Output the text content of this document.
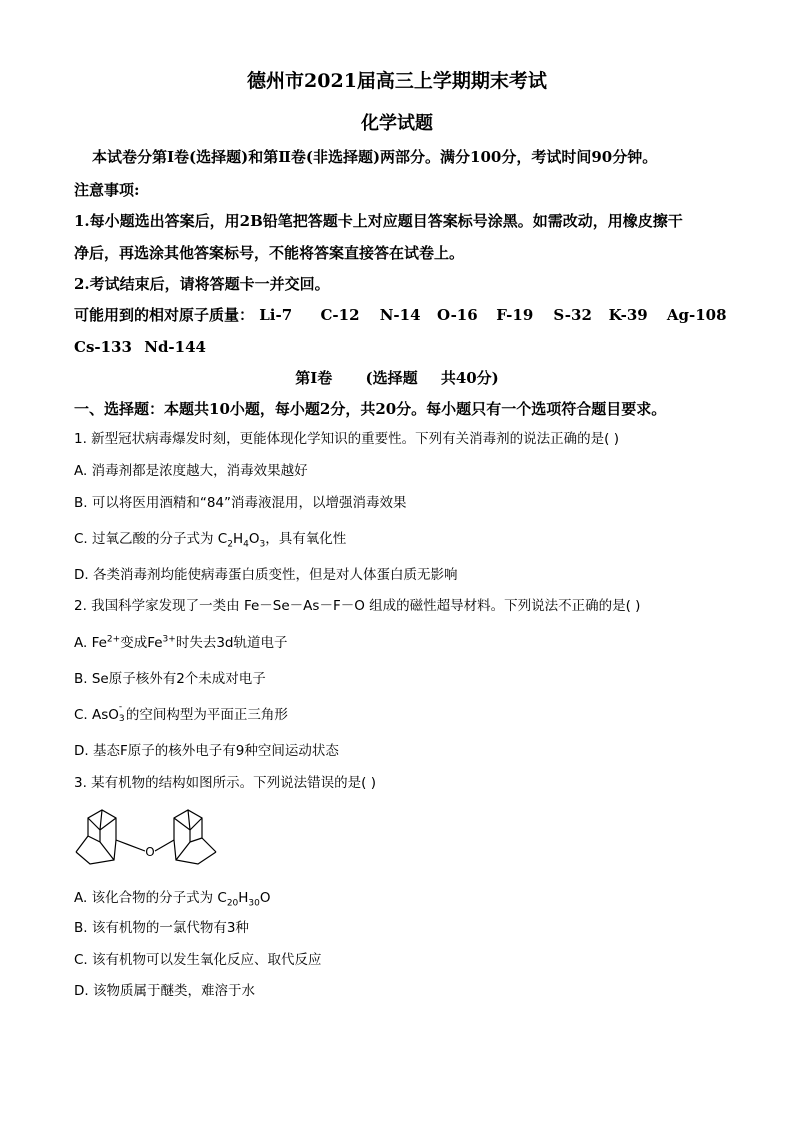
德州市2021届高三上学期期末考试
化学试题
本试卷分第Ⅰ卷(选择题)和第Ⅱ卷(非选择题)两部分。满分100分，考试时间90分钟。
注意事项:
1.每小题选出答案后，用2B铅笔把答题卡上对应题目答案标号涂黑。如需改动，用橡皮擦干
净后，再选涂其他答案标号，不能将答案直接答在试卷上。
2.考试结束后，请将答题卡一并交回。
可能用到的相对原子质量： Li-7 C-12 N-14 O-16 F-19 S-32 K-39 Ag-108
Cs-133 Nd-144
第Ⅰ卷 (选择题 共40分)
一、选择题：本题共10小题，每小题2分，共20分。每小题只有一个选项符合题目要求。
1. 新型冠状病毒爆发时刻，更能体现化学知识的重要性。下列有关消毒剂的说法正确的是( )
A. 消毒剂都是浓度越大，消毒效果越好
B. 可以将医用酒精和“84”消毒液混用，以增强消毒效果
C. 过氧乙酸的分子式为 $C_2H_4O_3$，具有氧化性
D. 各类消毒剂均能使病毒蛋白质变性，但是对人体蛋白质无影响
2. 我国科学家发现了一类由 Fe－Se－As－F－O 组成的磁性超导材料。下列说法不正确的是( )
A. $Fe^{2+}$变成$Fe^{3+}$时失去3d轨道电子
B. Se原子核外有2个未成对电子
C. AsO -
3 的空间构型为平面正三角形
D. 基态F原子的核外电子有9种空间运动状态
3. 某有机物的结构如图所示。下列说法错误的是( )
O
A. 该化合物的分子式为 $C_{20}H_{30}O$
B. 该有机物的一氯代物有3种
C. 该有机物可以发生氧化反应、取代反应
D. 该物质属于醚类，难溶于水
